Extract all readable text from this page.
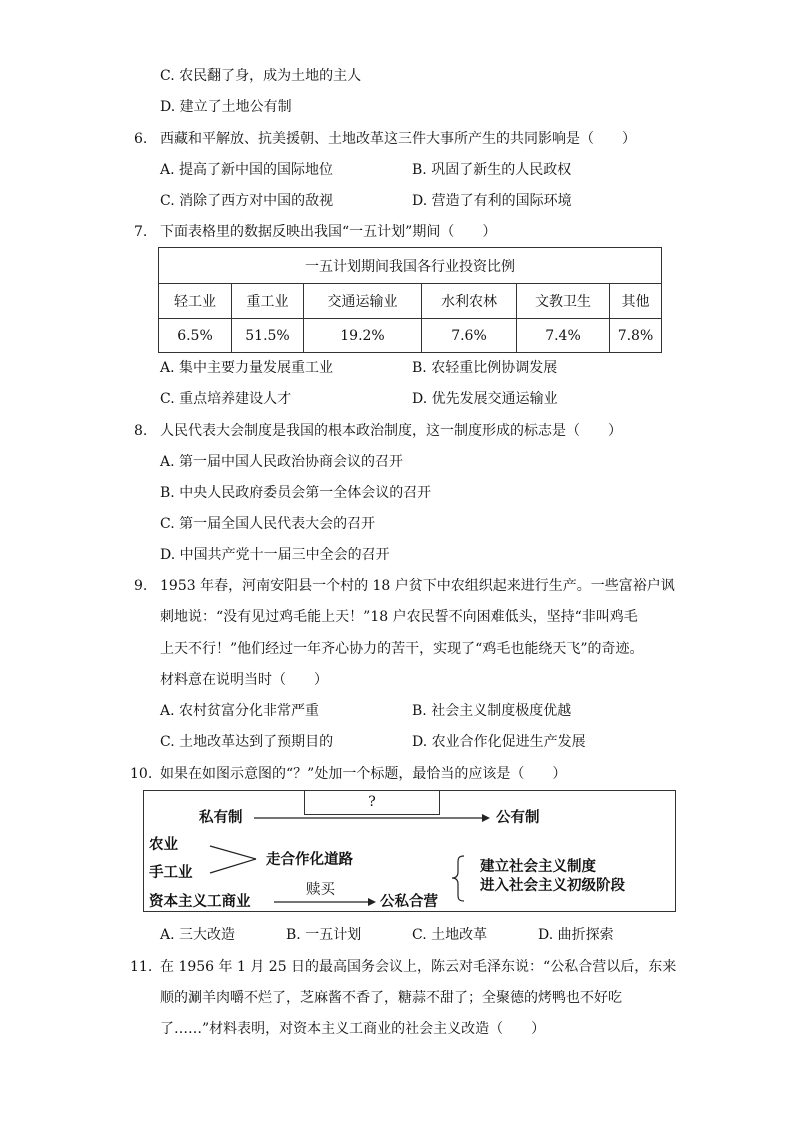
C. 农民翻了身，成为土地的主人
D. 建立了土地公有制
6. 西藏和平解放、抗美援朝、土地改革这三件大事所产生的共同影响是（　　）
A. 提高了新中国的国际地位	B. 巩固了新生的人民政权
C. 消除了西方对中国的敌视	D. 营造了有利的国际环境
7. 下面表格里的数据反映出我国“一五计划”期间（　　）
一五计划期间我国各行业投资比例					
轻工业	重工业	交通运输业	水利农林	文教卫生	其他
6.5%	51.5%	19.2%	7.6%	7.4%	7.8%
A. 集中主要力量发展重工业	B. 农轻重比例协调发展
C. 重点培养建设人才	D. 优先发展交通运输业
8. 人民代表大会制度是我国的根本政治制度，这一制度形成的标志是（　　）
A. 第一届中国人民政治协商会议的召开
B. 中央人民政府委员会第一全体会议的召开
C. 第一届全国人民代表大会的召开
D. 中国共产党十一届三中全会的召开
9. 1953 年春，河南安阳县一个村的 18 户贫下中农组织起来进行生产。一些富裕户讽
刺地说：“没有见过鸡毛能上天！”18 户农民誓不向困难低头，坚持“非叫鸡毛
上天不行！”他们经过一年齐心协力的苦干，实现了“鸡毛也能绕天飞”的奇迹。
材料意在说明当时（　　）
A. 农村贫富分化非常严重	B. 社会主义制度极度优越
C. 土地改革达到了预期目的	D. 农业合作化促进生产发展
10. 如果在如图示意图的“？”处加一个标题，最恰当的应该是（　　）
?
私有制	公有制
农业
手工业
资本主义工商业
走合作化道路
赎买
公私合营
建立社会主义制度
进入社会主义初级阶段
A. 三大改造	B. 一五计划	C. 土地改革	D. 曲折探索
11. 在 1956 年 1 月 25 日的最高国务会议上，陈云对毛泽东说：“公私合营以后，东来
顺的涮羊肉嚼不烂了，芝麻酱不香了，糖蒜不甜了；全聚德的烤鸭也不好吃
了……”材料表明，对资本主义工商业的社会主义改造（　　）
